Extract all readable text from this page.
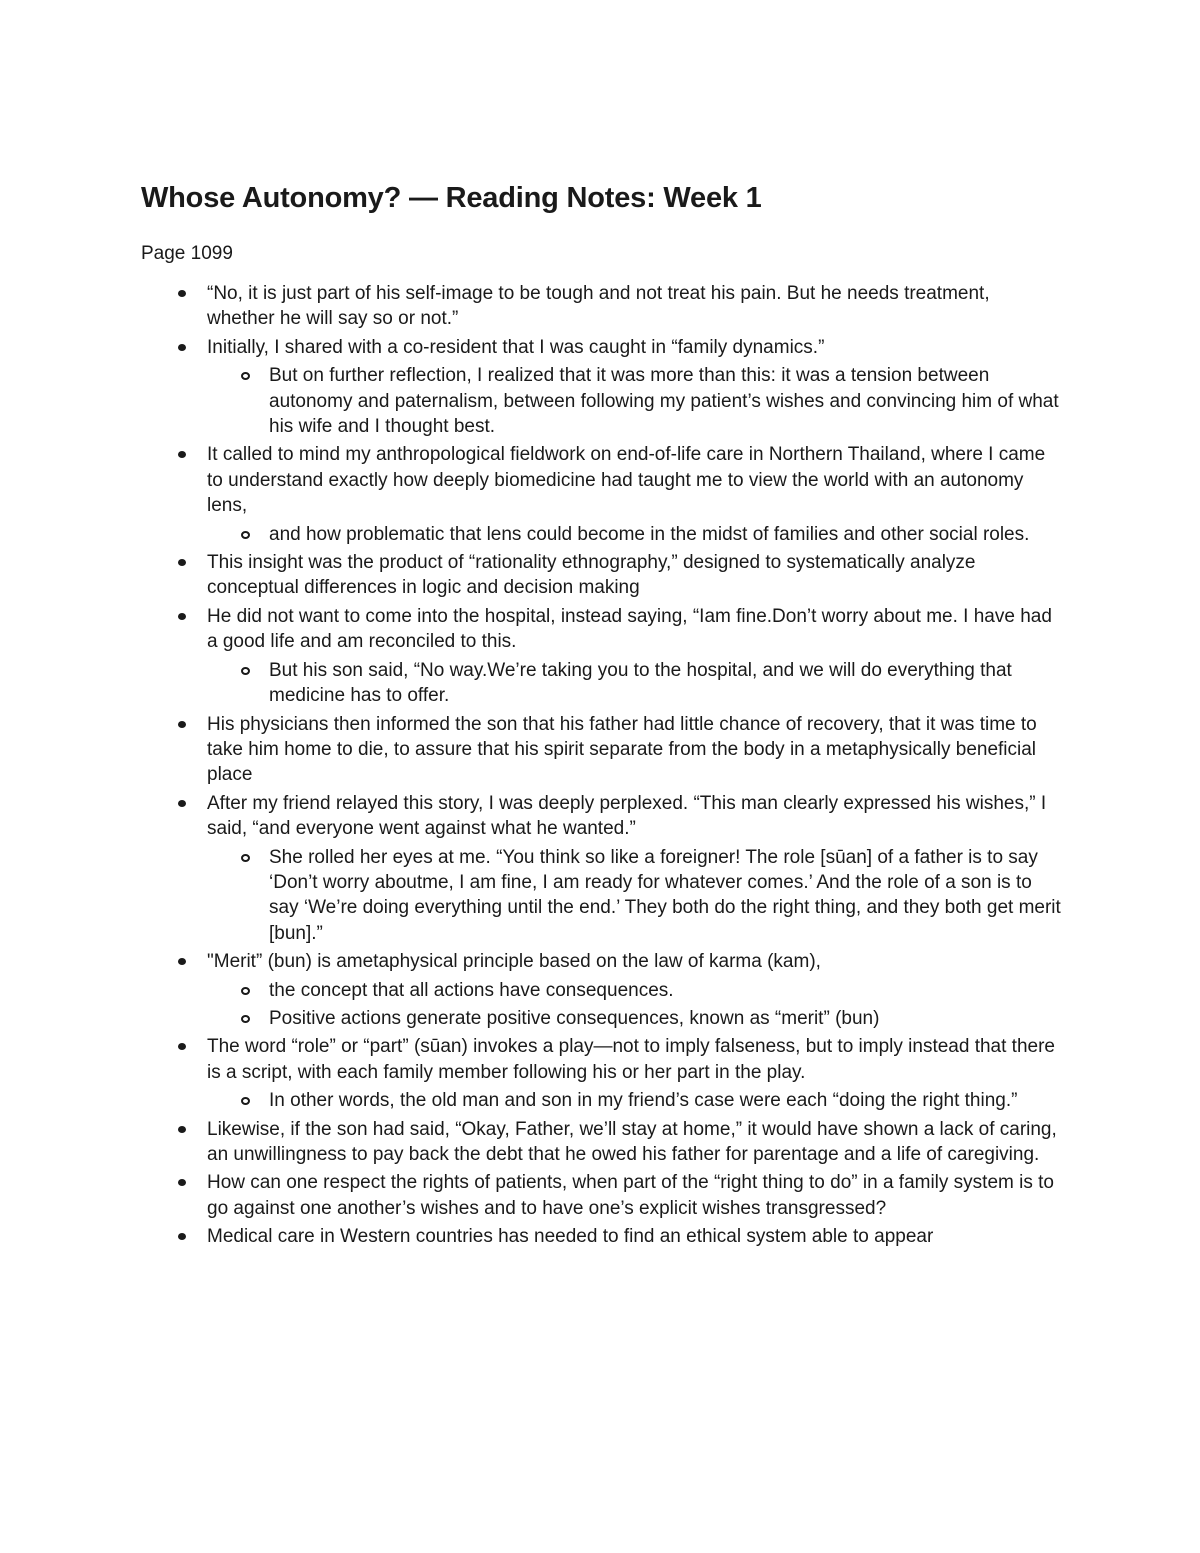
Whose Autonomy? — Reading Notes: Week 1
Page 1099
“No, it is just part of his self-image to be tough and not treat his pain. But he needs treatment, whether he will say so or not.”
Initially, I shared with a co-resident that I was caught in “family dynamics.”
But on further reflection, I realized that it was more than this: it was a tension between autonomy and paternalism, between following my patient’s wishes and convincing him of what his wife and I thought best.
It called to mind my anthropological fieldwork on end-of-life care in Northern Thailand, where I came to understand exactly how deeply biomedicine had taught me to view the world with an autonomy lens,
and how problematic that lens could become in the midst of families and other social roles.
This insight was the product of “rationality ethnography,” designed to systematically analyze conceptual differences in logic and decision making
He did not want to come into the hospital, instead saying, “Iam fine.Don’t worry about me. I have had a good life and am reconciled to this.
But his son said, “No way.We’re taking you to the hospital, and we will do everything that medicine has to offer.
His physicians then informed the son that his father had little chance of recovery, that it was time to take him home to die, to assure that his spirit separate from the body in a metaphysically beneficial place
After my friend relayed this story, I was deeply perplexed. “This man clearly expressed his wishes,” I said, “and everyone went against what he wanted.”
She rolled her eyes at me. “You think so like a foreigner! The role [sūan] of a father is to say ‘Don’t worry aboutme, I am fine, I am ready for whatever comes.’ And the role of a son is to say ‘We’re doing everything until the end.’ They both do the right thing, and they both get merit [bun].”
"Merit” (bun) is ametaphysical principle based on the law of karma (kam),
the concept that all actions have consequences.
Positive actions generate positive consequences, known as “merit” (bun)
The word “role” or “part” (sūan) invokes a play—not to imply falseness, but to imply instead that there is a script, with each family member following his or her part in the play.
In other words, the old man and son in my friend’s case were each “doing the right thing.”
Likewise, if the son had said, “Okay, Father, we’ll stay at home,” it would have shown a lack of caring, an unwillingness to pay back the debt that he owed his father for parentage and a life of caregiving.
How can one respect the rights of patients, when part of the “right thing to do” in a family system is to go against one another’s wishes and to have one’s explicit wishes transgressed?
Medical care in Western countries has needed to find an ethical system able to appear
